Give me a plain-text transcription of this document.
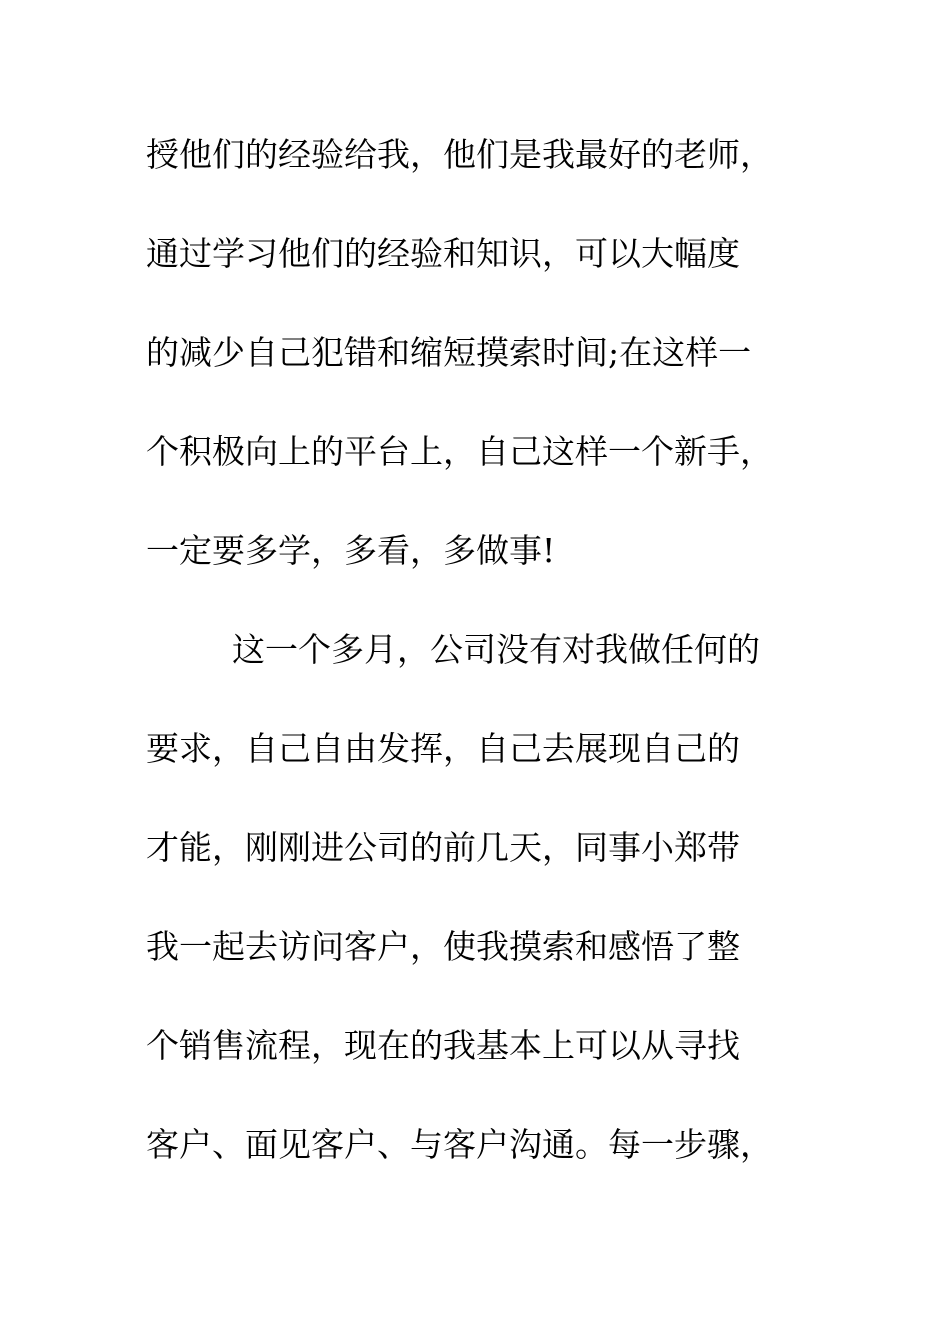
授他们的经验给我，他们是我最好的老师，
通过学习他们的经验和知识，可以大幅度
的减少自己犯错和缩短摸索时间;在这样一
个积极向上的平台上，自己这样一个新手，
一定要多学，多看，多做事!
这一个多月，公司没有对我做任何的
要求，自己自由发挥，自己去展现自己的
才能，刚刚进公司的前几天，同事小郑带
我一起去访问客户，使我摸索和感悟了整
个销售流程，现在的我基本上可以从寻找
客户、面见客户、与客户沟通。每一步骤，
